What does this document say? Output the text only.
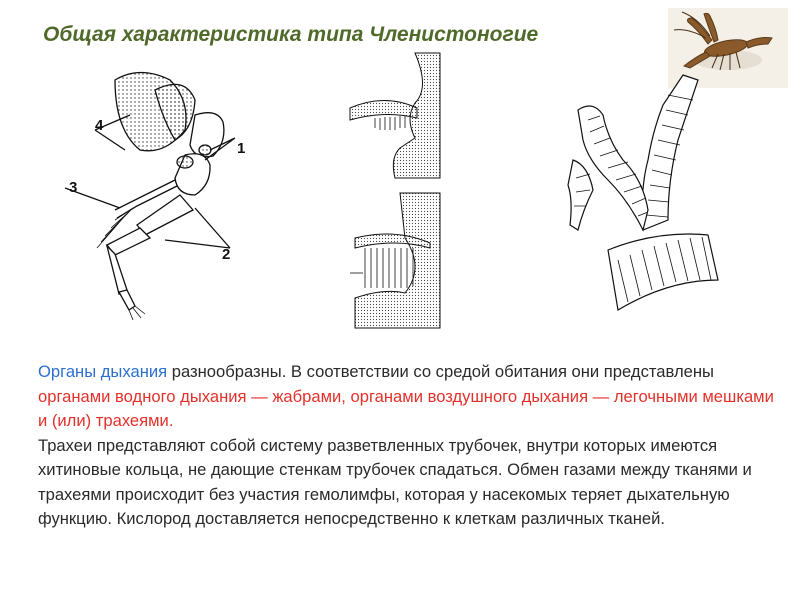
Общая характеристика типа Членистоногие
4
1
3
2

Органы дыхания разнообразны. В соответствии со средой обитания они представлены органами водного дыхания — жабрами, органами воздушного дыхания — легочными мешками и (или) трахеями.

Трахеи представляют собой систему разветвленных трубочек, внутри которых имеются хитиновые кольца, не дающие стенкам трубочек спадаться. Обмен газами между тканями и трахеями происходит без участия гемолимфы, которая у насекомых теряет дыхательную функцию. Кислород доставляется непосредственно к клеткам различных тканей.
